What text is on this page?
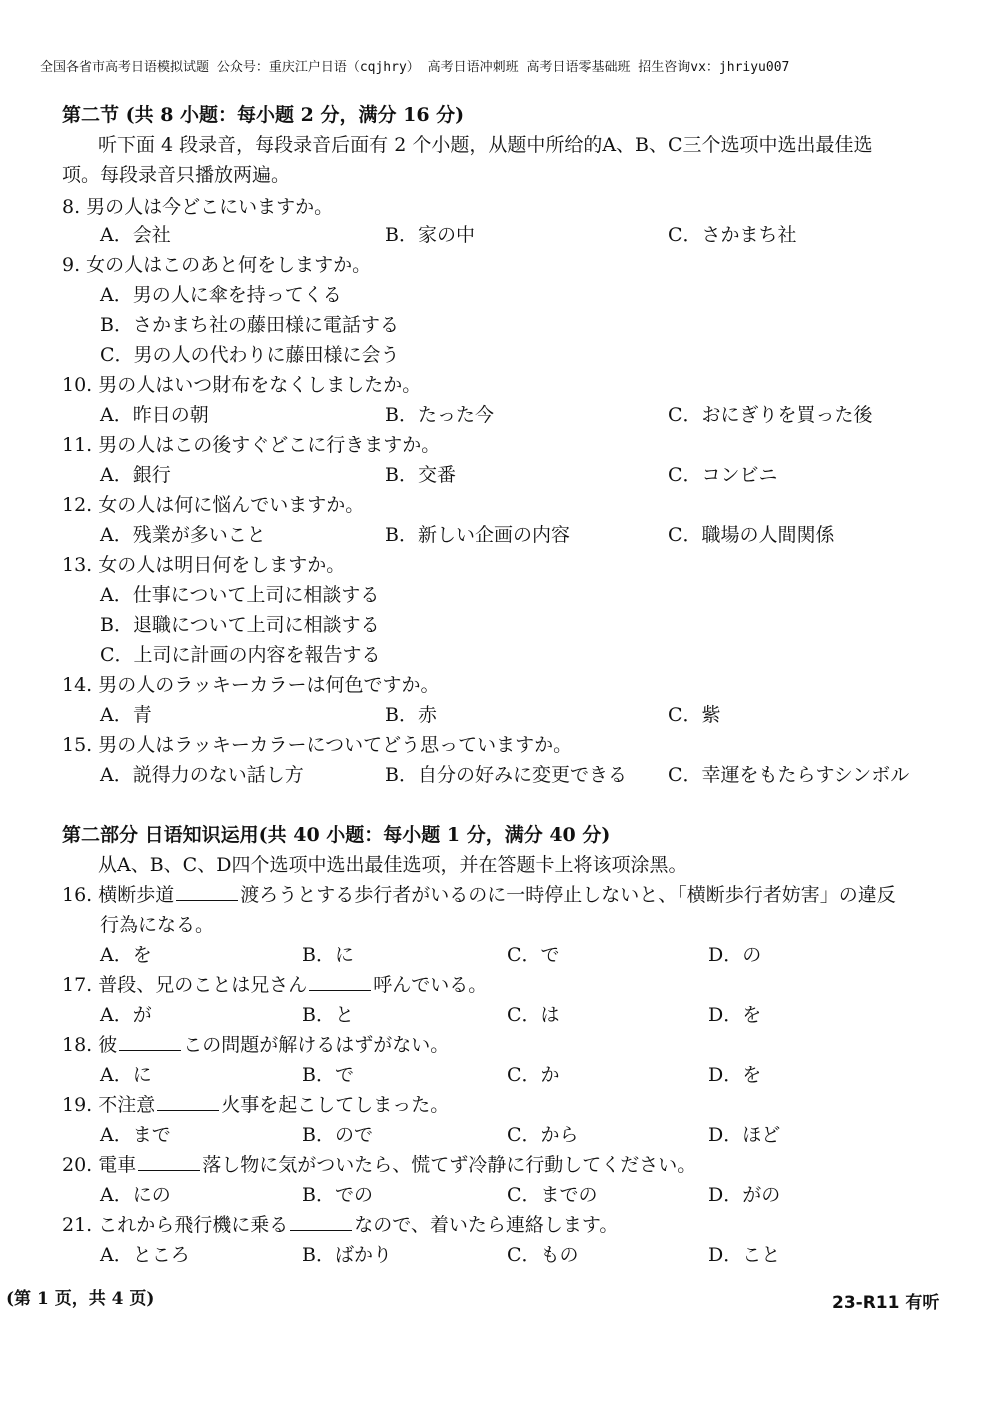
全国各省市高考日语模拟试题 公众号：重庆江户日语（cqjhry） 高考日语冲刺班 高考日语零基础班 招生咨询vx：jhriyu007
第二节 (共 8 小题：每小题 2 分，满分 16 分)
听下面 4 段录音，每段录音后面有 2 个小题，从题中所给的A、B、C三个选项中选出最佳选
项。每段录音只播放两遍。
8. 男の人は今どこにいますか。
A．会社	B．家の中	C．さかまち社
9. 女の人はこのあと何をしますか。
A．男の人に傘を持ってくる
B．さかまち社の藤田様に電話する
C．男の人の代わりに藤田様に会う
10. 男の人はいつ財布をなくしましたか。
A．昨日の朝	B．たった今	C．おにぎりを買った後
11. 男の人はこの後すぐどこに行きますか。
A．銀行	B．交番	C．コンビニ
12. 女の人は何に悩んでいますか。
A．残業が多いこと	B．新しい企画の内容	C．職場の人間関係
13. 女の人は明日何をしますか。
A．仕事について上司に相談する
B．退職について上司に相談する
C．上司に計画の内容を報告する
14. 男の人のラッキーカラーは何色ですか。
A．青	B．赤	C．紫
15. 男の人はラッキーカラーについてどう思っていますか。
A．説得力のない話し方	B．自分の好みに変更できる C．幸運をもたらすシンボル
第二部分 日语知识运用(共 40 小题：每小题 1 分，满分 40 分)
从A、B、C、D四个选项中选出最佳选项，并在答题卡上将该项涂黑。
16. 横断歩道	渡ろうとする歩行者がいるのに一時停止しないと、「横断歩行者妨害」の違反
行為になる。
A．を	B．に	C．で	D．の
17. 普段、兄のことは兄さん	呼んでいる。
A．が	B．と	C．は	D．を
18. 彼	この問題が解けるはずがない。
A．に	B．で	C．か	D．を
19. 不注意	火事を起こしてしまった。
A．まで	B．ので	C．から	D．ほど
20. 電車	落し物に気がついたら、慌てず冷静に行動してください。
A．にの	B．での	C．までの	D．がの
21. これから飛行機に乗る	なので、着いたら連絡します。
A．ところ	B．ばかり	C．もの	D．こと
(第 1 页，共 4 页)	23-R11 有听
